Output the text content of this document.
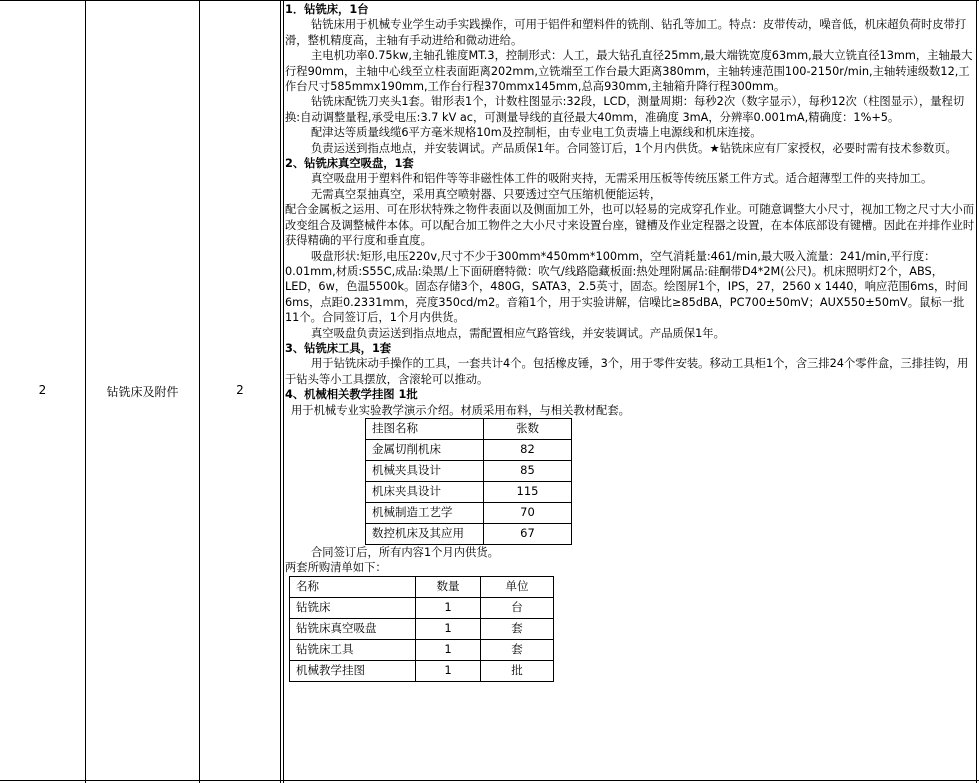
2	钻铣床及附件	2

1．钻铣床，1台

钻铣床用于机械专业学生动手实践操作，可用于铝件和塑料件的铣削、钻孔等加工。特点：皮带传动，噪音低，机床超负荷时皮带打滑，整机精度高，主轴有手动进给和微动进给。

主电机功率0.75kw,主轴孔锥度MT.3，控制形式：人工，最大钻孔直径25mm,最大端铣宽度63mm,最大立铣直径13mm，主轴最大行程90mm，主轴中心线至立柱表面距离202mm,立铣端至工作台最大距离380mm，主轴转速范围100-2150r/min,主轴转速级数12,工作台尺寸585mmx190mm,工作台行程370mmx145mm,总高930mm,主轴箱升降行程300mm。

钻铣床配铣刀夹头1套。钳形表1个，计数柱图显示:32段，LCD，测量周期：每秒2次（数字显示），每秒12次（柱图显示），量程切换:自动调整量程,承受电压:3.7 kV ac，可测量导线的直径最大40mm，准确度 3mA，分辨率0.001mA,精确度：1%+5。

配津达等质量线缆6平方毫米规格10m及控制柜，由专业电工负责墙上电源线和机床连接。

负责运送到指点地点，并安装调试。产品质保1年。合同签订后，1个月内供货。★钻铣床应有厂家授权，必要时需有技术参数页。

2、钻铣床真空吸盘，1套

真空吸盘用于塑料件和铝件等等非磁性体工件的吸附夹持，无需采用压板等传统压紧工件方式。适合超薄型工件的夹持加工。

无需真空泵抽真空，采用真空喷射器、只要透过空气压缩机便能运转，

配合金属板之运用、可在形状特殊之物件表面以及侧面加工外，也可以轻易的完成穿孔作业。可随意调整大小尺寸，视加工物之尺寸大小而改变组合及调整械件本体。可以配合加工物件之大小尺寸来设置台座，键槽及作业定程器之设置，在本体底部设有键槽。因此在并排作业时获得精确的平行度和垂直度。

吸盘形状:矩形,电压220v,尺寸不少于300mm*450mm*100mm，空气消耗量:461/min,最大吸入流量：241/min,平行度：0.01mm,材质:S55C,成品:染黑/上下面研磨特微：吹气/线路隐藏板面:热处理附属品:硅酮带D4*2M(公尺)。机床照明灯2个，ABS，LED，6w，色温5500k。固态存储3个，480G，SATA3，2.5英寸，固态。绘图屏1个，IPS，27，2560 x 1440，响应范围6ms，时间6ms，点距0.2331mm，亮度350cd/m2。音箱1个，用于实验讲解，信噪比≥85dBA，PC700±50mV；AUX550±50mV。鼠标一批11个。合同签订后，1个月内供货。

真空吸盘负责运送到指点地点，需配置相应气路管线，并安装调试。产品质保1年。

3、钻铣床工具，1套

用于钻铣床动手操作的工具，一套共计4个。包括橡皮锤，3个，用于零件安装。移动工具柜1个，含三排24个零件盒，三排挂钩，用于钻头等小工具摆放，含滚轮可以推动。

4、机械相关教学挂图 1批

用于机械专业实验教学演示介绍。材质采用布料，与相关教材配套。

挂图名称	张数
金属切削机床	82
机械夹具设计	85
机床夹具设计	115
机械制造工艺学	70
数控机床及其应用	67

合同签订后，所有内容1个月内供货。

两套所购清单如下：

名称	数量	单位
钻铣床	1	台
钻铣床真空吸盘	1	套
钻铣床工具	1	套
机械教学挂图	1	批
